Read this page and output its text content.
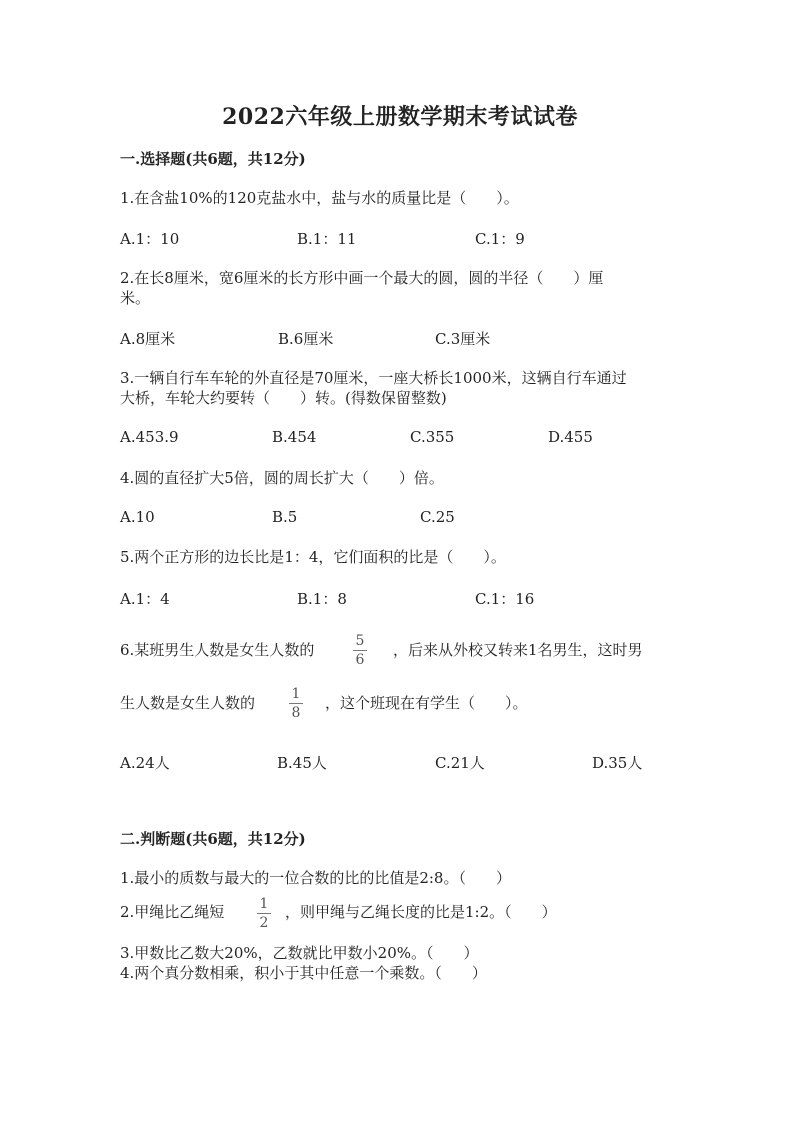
2022六年级上册数学期末考试试卷
一.选择题(共6题，共12分)
1.在含盐10%的120克盐水中，盐与水的质量比是（　　）。
A.1：10	B.1：11	C.1：9
2.在长8厘米，宽6厘米的长方形中画一个最大的圆，圆的半径（　　）厘
米。
A.8厘米	B.6厘米	C.3厘米
3.一辆自行车车轮的外直径是70厘米，一座大桥长1000米，这辆自行车通过
大桥，车轮大约要转（　　）转。(得数保留整数)
A.453.9	B.454	C.355	D.455
4.圆的直径扩大5倍，圆的周长扩大（　　）倍。
A.10	B.5	C.25
5.两个正方形的边长比是1：4，它们面积的比是（　　）。
A.1：4	B.1：8	C.1：16
6.某班男生人数是女生人数的	5
6
，后来从外校又转来1名男生，这时男
生人数是女生人数的	1
8
，这个班现在有学生（　　）。
A.24人	B.45人	C.21人	D.35人
二.判断题(共6题，共12分)
1.最小的质数与最大的一位合数的比的比值是2:8。（　　）
2.甲绳比乙绳短	1
2
，则甲绳与乙绳长度的比是1:2。（　　）
3.甲数比乙数大20%，乙数就比甲数小20%。（　　）
4.两个真分数相乘，积小于其中任意一个乘数。（　　）
